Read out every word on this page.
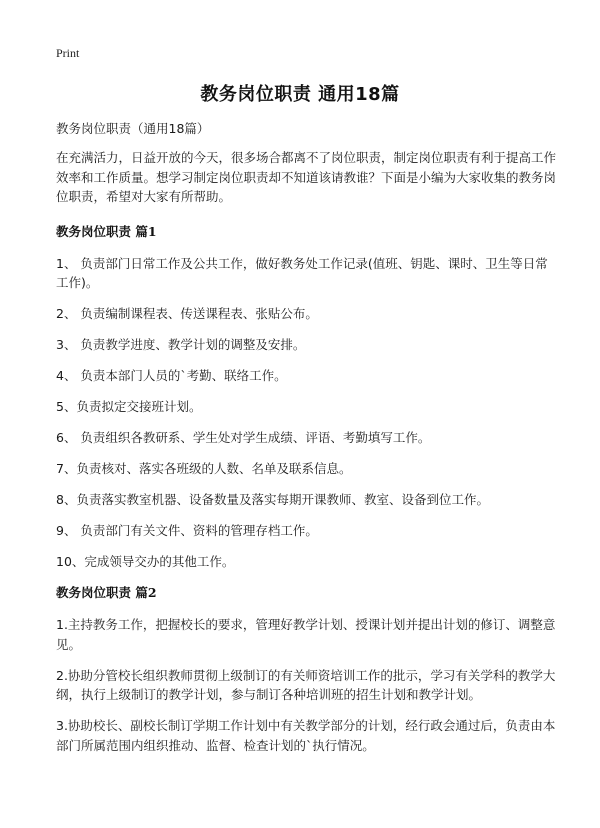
Print
教务岗位职责 通用18篇
教务岗位职责（通用18篇）
在充满活力，日益开放的今天，很多场合都离不了岗位职责，制定岗位职责有利于提高工作效率和工作质量。想学习制定岗位职责却不知道该请教谁？下面是小编为大家收集的教务岗位职责，希望对大家有所帮助。
教务岗位职责 篇1
1、 负责部门日常工作及公共工作，做好教务处工作记录(值班、钥匙、课时、卫生等日常工作)。
2、 负责编制课程表、传送课程表、张贴公布。
3、 负责教学进度、教学计划的调整及安排。
4、 负责本部门人员的`考勤、联络工作。
5、负责拟定交接班计划。
6、 负责组织各教研系、学生处对学生成绩、评语、考勤填写工作。
7、负责核对、落实各班级的人数、名单及联系信息。
8、负责落实教室机器、设备数量及落实每期开课教师、教室、设备到位工作。
9、 负责部门有关文件、资料的管理存档工作。
10、完成领导交办的其他工作。
教务岗位职责 篇2
1.主持教务工作，把握校长的要求，管理好教学计划、授课计划并提出计划的修订、调整意见。
2.协助分管校长组织教师贯彻上级制订的有关师资培训工作的批示，学习有关学科的教学大纲，执行上级制订的教学计划，参与制订各种培训班的招生计划和教学计划。
3.协助校长、副校长制订学期工作计划中有关教学部分的计划，经行政会通过后，负责由本部门所属范围内组织推动、监督、检查计划的`执行情况。
